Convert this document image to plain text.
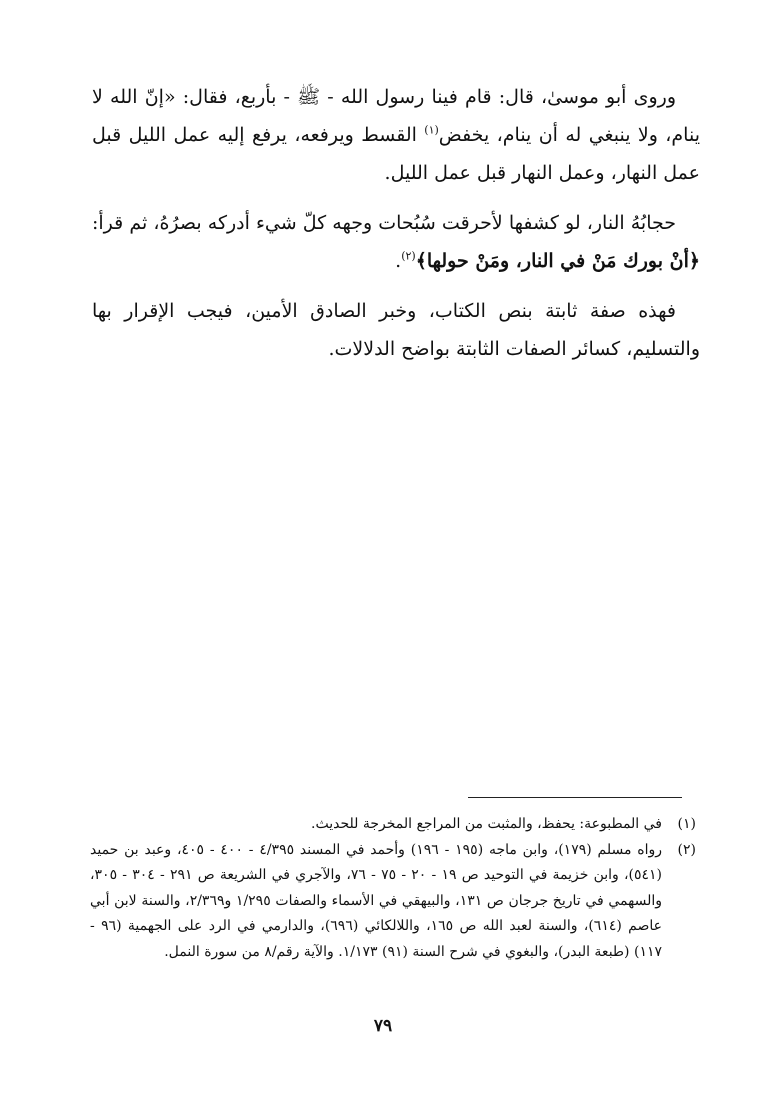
وروى أبو موسىٰ، قال: قام فينا رسول الله - ﷺ - بأربع، فقال: «إنّ الله لا ينام، ولا ينبغي له أن ينام، يخفض$^{(١)}$ القسط ويرفعه، يرفع إليه عمل الليل قبل عمل النهار، وعمل النهار قبل عمل الليل.

حجابُهُ النار، لو كشفها لأحرقت سُبُحات وجهه كلّ شيء أدركه بصرُهُ، ثم قرأ: ﴿أنْ بورك مَنْ في النار، ومَنْ حولها﴾$^{(٢)}$.

فهذه صفة ثابتة بنص الكتاب، وخبر الصادق الأمين، فيجب الإقرار بها والتسليم، كسائر الصفات الثابتة بواضح الدلالات.

(١)
في المطبوعة: يحفظ، والمثبت من المراجع المخرجة للحديث.
(٢)
رواه مسلم (١٧٩)، وابن ماجه (١٩٥ - ١٩٦) وأحمد في المسند ٤/٣٩٥ - ٤٠٠ - ٤٠٥، وعبد بن حميد (٥٤١)، وابن خزيمة في التوحيد ص ١٩ - ٢٠ - ٧٥ - ٧٦، والآجري في الشريعة ص ٢٩١ - ٣٠٤ - ٣٠٥، والسهمي في تاريخ جرجان ص ١٣١، والبيهقي في الأسماء والصفات ١/٢٩٥ و٢/٣٦٩، والسنة لابن أبي عاصم (٦١٤)، والسنة لعبد الله ص ١٦٥، واللالكائي (٦٩٦)، والدارمي في الرد على الجهمية (٩٦ - ١١٧) (طبعة البدر)، والبغوي في شرح السنة (٩١) ١/١٧٣. والآية رقم/٨ من سورة النمل.
٧٩
